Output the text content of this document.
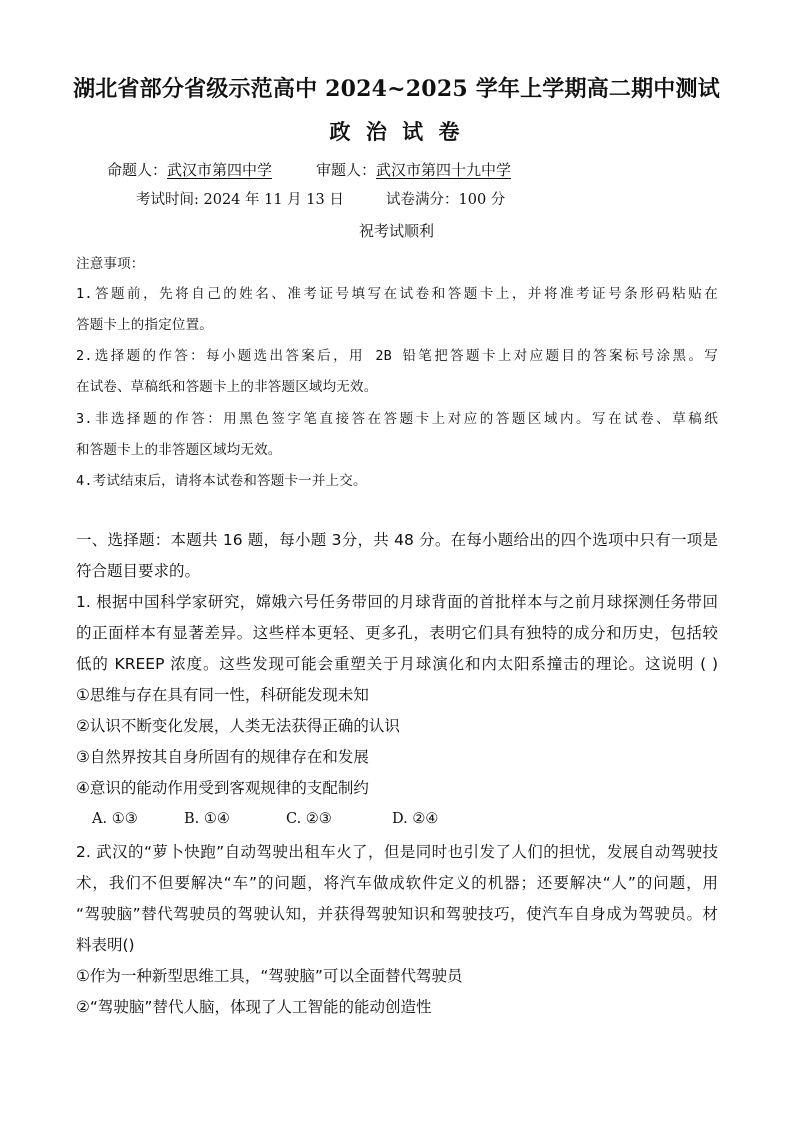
湖北省部分省级示范高中 2024~2025 学年上学期高二期中测试
政 治 试 卷
命题人：武汉市第四中学	审题人：武汉市第四十九中学
考试时间: 2024 年 11 月 13 日	试卷满分：100 分
祝考试顺利
注意事项：
1.答题前，先将自己的姓名、准考证号填写在试卷和答题卡上，并将准考证号条形码粘贴在
答题卡上的指定位置。
2.选择题的作答：每小题选出答案后，用 2B 铅笔把答题卡上对应题目的答案标号涂黑。写
在试卷、草稿纸和答题卡上的非答题区域均无效。
3.非选择题的作答：用黑色签字笔直接答在答题卡上对应的答题区域内。写在试卷、草稿纸
和答题卡上的非答题区域均无效。
4.考试结束后，请将本试卷和答题卡一并上交。
一、选择题：本题共 16 题，每小题 3分，共 48 分。在每小题给出的四个选项中只有一项是
符合题目要求的。
1. 根据中国科学家研究，嫦娥六号任务带回的月球背面的首批样本与之前月球探测任务带回
的正面样本有显著差异。这些样本更轻、更多孔，表明它们具有独特的成分和历史，包括较
低的 KREEP 浓度。这些发现可能会重塑关于月球演化和内太阳系撞击的理论。这说明 ( )
①思维与存在具有同一性，科研能发现未知
②认识不断变化发展，人类无法获得正确的认识
③自然界按其自身所固有的规律存在和发展
④意识的能动作用受到客观规律的支配制约
A. ①③	B. ①④	C. ②③	D. ②④
2. 武汉的“萝卜快跑”自动驾驶出租车火了，但是同时也引发了人们的担忧，发展自动驾驶技
术，我们不但要解决“车”的问题，将汽车做成软件定义的机器；还要解决“人”的问题，用
“驾驶脑”替代驾驶员的驾驶认知，并获得驾驶知识和驾驶技巧，使汽车自身成为驾驶员。材
料表明()
①作为一种新型思维工具，“驾驶脑”可以全面替代驾驶员
②“驾驶脑”替代人脑，体现了人工智能的能动创造性
